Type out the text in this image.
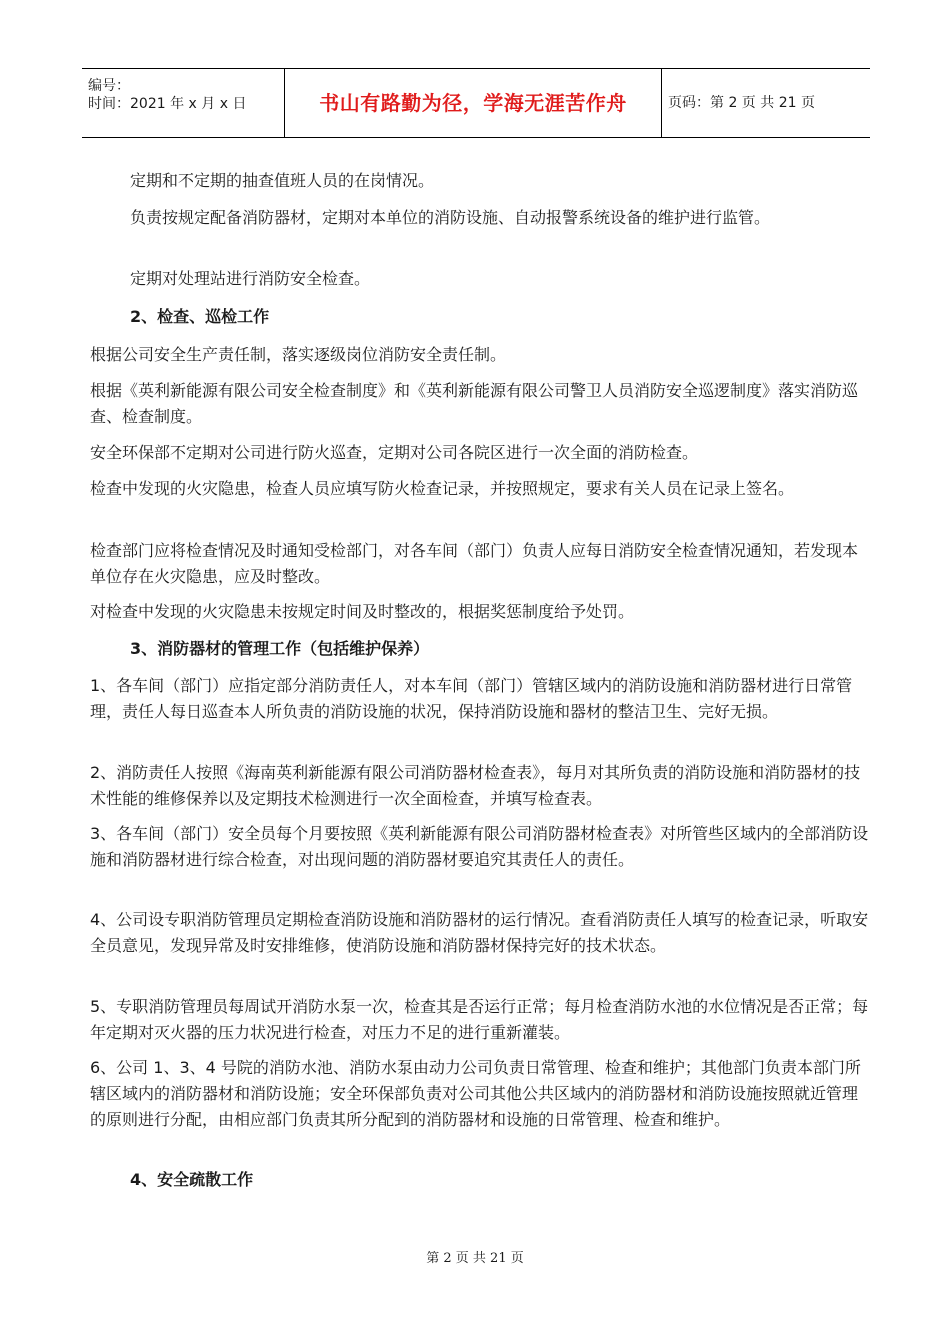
编号：
时间：2021 年 x 月 x 日	书山有路勤为径，学海无涯苦作舟	页码：第 2 页 共 21 页
定期和不定期的抽查值班人员的在岗情况。
负责按规定配备消防器材，定期对本单位的消防设施、自动报警系统设备的维护进行监管。
定期对处理站进行消防安全检查。
2、检查、巡检工作
根据公司安全生产责任制，落实逐级岗位消防安全责任制。
根据《英利新能源有限公司安全检查制度》和《英利新能源有限公司警卫人员消防安全巡逻制度》落实消防巡查、检查制度。
安全环保部不定期对公司进行防火巡查，定期对公司各院区进行一次全面的消防检查。
检查中发现的火灾隐患，检查人员应填写防火检查记录，并按照规定，要求有关人员在记录上签名。
检查部门应将检查情况及时通知受检部门，对各车间（部门）负责人应每日消防安全检查情况通知，若发现本单位存在火灾隐患，应及时整改。
对检查中发现的火灾隐患未按规定时间及时整改的，根据奖惩制度给予处罚。
3、消防器材的管理工作（包括维护保养）
1、各车间（部门）应指定部分消防责任人，对本车间（部门）管辖区域内的消防设施和消防器材进行日常管理，责任人每日巡查本人所负责的消防设施的状况，保持消防设施和器材的整洁卫生、完好无损。
2、消防责任人按照《海南英利新能源有限公司消防器材检查表》，每月对其所负责的消防设施和消防器材的技术性能的维修保养以及定期技术检测进行一次全面检查，并填写检查表。
3、各车间（部门）安全员每个月要按照《英利新能源有限公司消防器材检查表》对所管些区域内的全部消防设施和消防器材进行综合检查，对出现问题的消防器材要追究其责任人的责任。
4、公司设专职消防管理员定期检查消防设施和消防器材的运行情况。查看消防责任人填写的检查记录，听取安全员意见，发现异常及时安排维修，使消防设施和消防器材保持完好的技术状态。
5、专职消防管理员每周试开消防水泵一次，检查其是否运行正常；每月检查消防水池的水位情况是否正常；每年定期对灭火器的压力状况进行检查，对压力不足的进行重新灌装。
6、公司 1、3、4 号院的消防水池、消防水泵由动力公司负责日常管理、检查和维护；其他部门负责本部门所辖区域内的消防器材和消防设施；安全环保部负责对公司其他公共区域内的消防器材和消防设施按照就近管理的原则进行分配，由相应部门负责其所分配到的消防器材和设施的日常管理、检查和维护。
4、安全疏散工作
第 2 页 共 21 页
